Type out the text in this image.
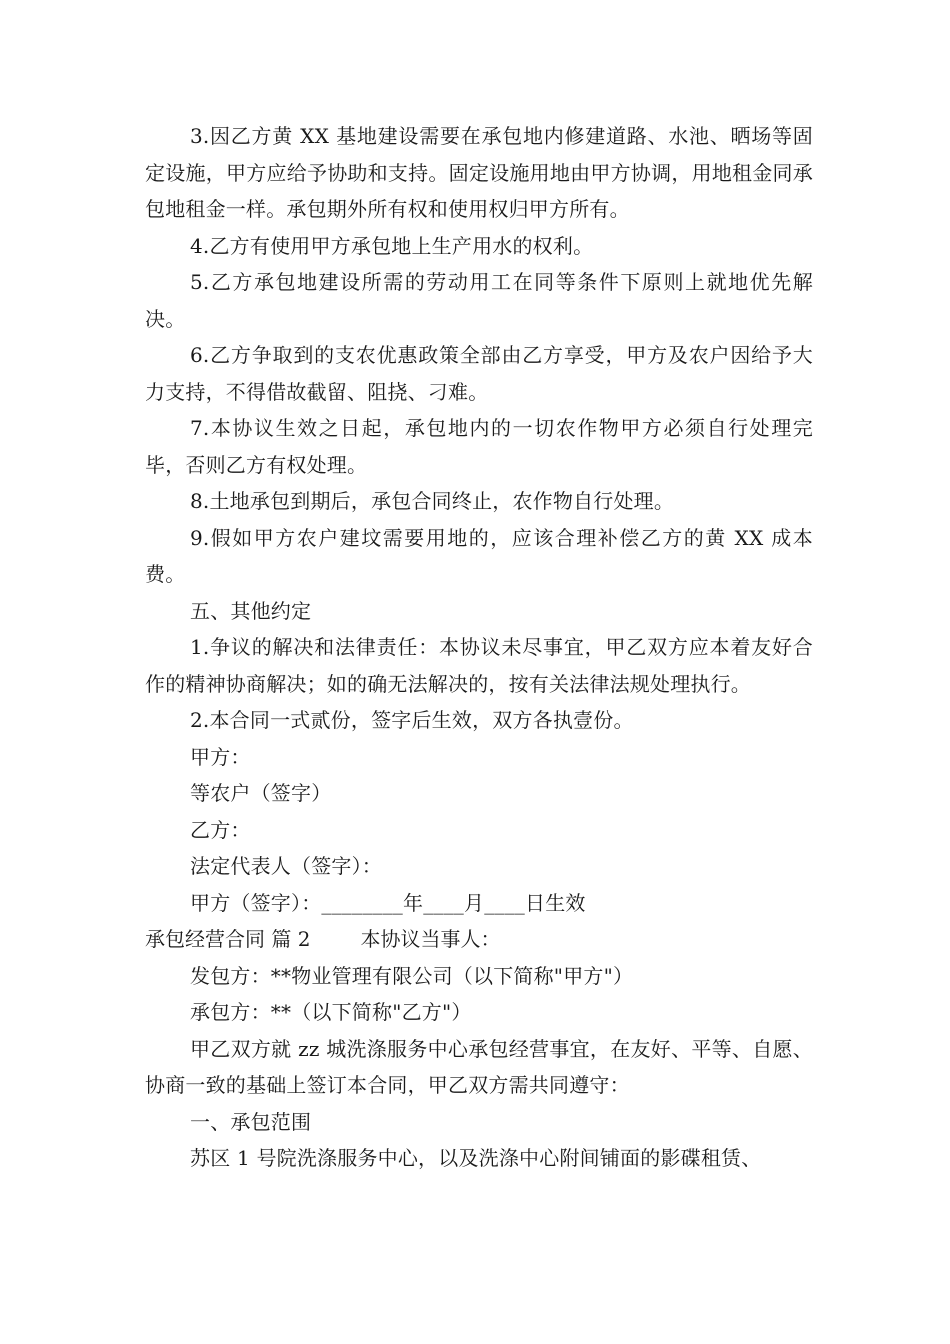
3.因乙方黄 XX 基地建设需要在承包地内修建道路、水池、晒场等固定设施，甲方应给予协助和支持。固定设施用地由甲方协调，用地租金同承包地租金一样。承包期外所有权和使用权归甲方所有。

4.乙方有使用甲方承包地上生产用水的权利。

5.乙方承包地建设所需的劳动用工在同等条件下原则上就地优先解决。

6.乙方争取到的支农优惠政策全部由乙方享受，甲方及农户因给予大力支持，不得借故截留、阻挠、刁难。

7.本协议生效之日起，承包地内的一切农作物甲方必须自行处理完毕，否则乙方有权处理。

8.土地承包到期后，承包合同终止，农作物自行处理。

9.假如甲方农户建坟需要用地的，应该合理补偿乙方的黄 XX 成本费。

五、其他约定

1.争议的解决和法律责任：本协议未尽事宜，甲乙双方应本着友好合作的精神协商解决；如的确无法解决的，按有关法律法规处理执行。

2.本合同一式贰份，签字后生效，双方各执壹份。

甲方：

等农户（签字）

乙方：

法定代表人（签字）：

甲方（签字）：________年____月____日生效

承包经营合同 篇 2	本协议当事人：

发包方：**物业管理有限公司（以下简称"甲方"）

承包方：**（以下简称"乙方"）

甲乙双方就 zz 城洗涤服务中心承包经营事宜，在友好、平等、自愿、协商一致的基础上签订本合同，甲乙双方需共同遵守：

一、承包范围

苏区 1 号院洗涤服务中心，以及洗涤中心附间铺面的影碟租赁、
